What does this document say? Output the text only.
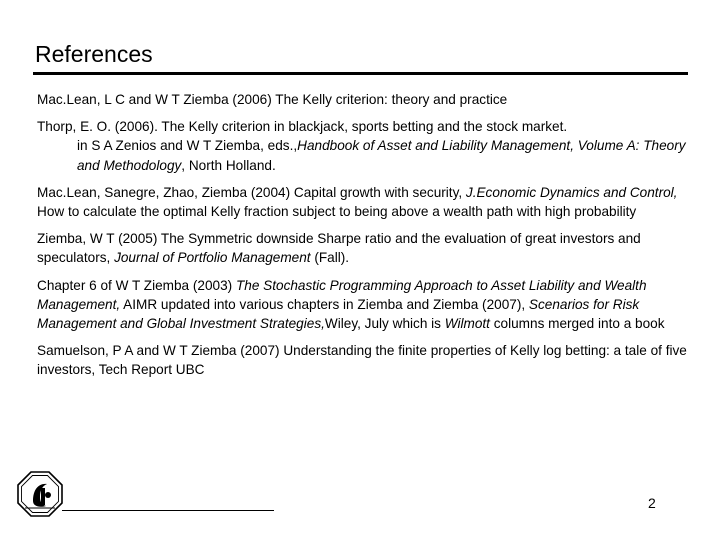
References

Mac.Lean, L C and W T Ziemba (2006) The Kelly criterion: theory and practice

Thorp, E. O. (2006). The Kelly criterion in blackjack, sports betting and the stock market.

in S A Zenios and W T Ziemba, eds.,Handbook of Asset and Liability Management, Volume A: Theory and Methodology, North Holland.

Mac.Lean, Sanegre, Zhao, Ziemba (2004) Capital growth with security, J.Economic Dynamics and Control, How to calculate the optimal Kelly fraction subject to being above a wealth path with high probability

Ziemba, W T (2005) The Symmetric downside Sharpe ratio and the evaluation of great investors and speculators, Journal of Portfolio Management (Fall).

Chapter 6 of W T Ziemba (2003) The Stochastic Programming Approach to Asset Liability and Wealth Management, AIMR updated into various chapters in Ziemba and Ziemba (2007), Scenarios for Risk Management and Global Investment Strategies,Wiley, July which is Wilmott columns merged into a book

Samuelson, P A and W T Ziemba (2007) Understanding the finite properties of Kelly log betting: a tale of five investors, Tech Report UBC

2
